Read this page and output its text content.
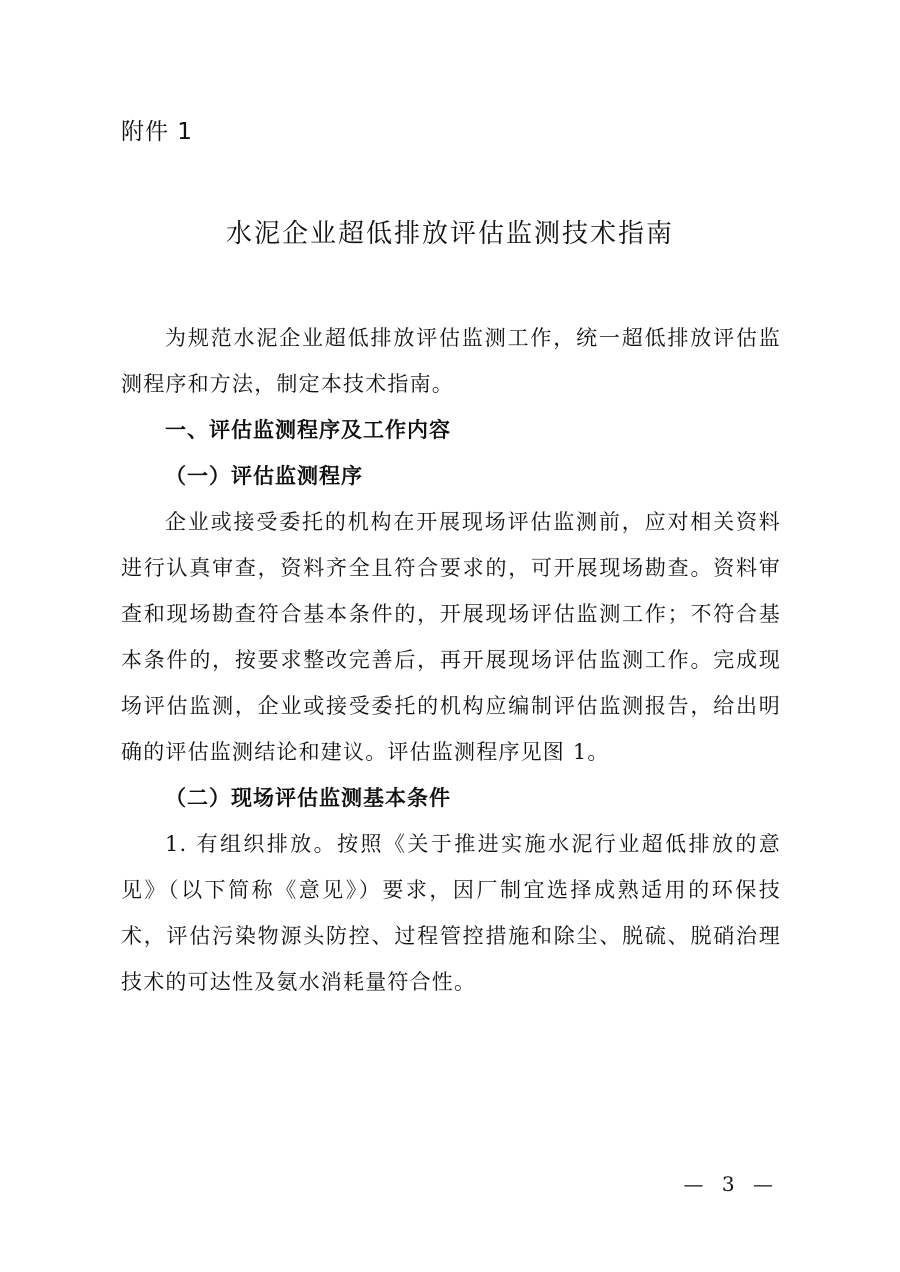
附件 1
水泥企业超低排放评估监测技术指南

为规范水泥企业超低排放评估监测工作，统一超低排放评估监测程序和方法，制定本技术指南。

一、评估监测程序及工作内容

（一）评估监测程序

企业或接受委托的机构在开展现场评估监测前，应对相关资料进行认真审查，资料齐全且符合要求的，可开展现场勘查。资料审查和现场勘查符合基本条件的，开展现场评估监测工作；不符合基本条件的，按要求整改完善后，再开展现场评估监测工作。完成现场评估监测，企业或接受委托的机构应编制评估监测报告，给出明确的评估监测结论和建议。评估监测程序见图 1。

（二）现场评估监测基本条件

1. 有组织排放。按照《关于推进实施水泥行业超低排放的意见》（以下简称《意见》）要求，因厂制宜选择成熟适用的环保技术，评估污染物源头防控、过程管控措施和除尘、脱硫、脱硝治理技术的可达性及氨水消耗量符合性。

— 3 —
